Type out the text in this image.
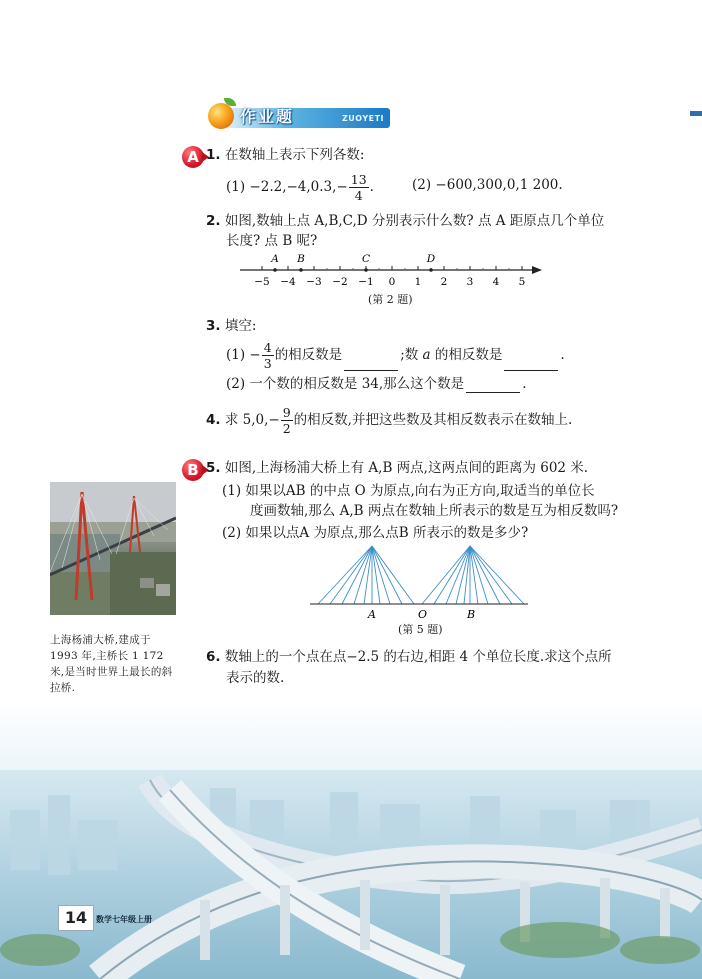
作业题	ZUOYETI
A 1. 在数轴上表示下列各数:
$(1) -2.2,-4,0.3,- \frac{13}{4}$ .	(2) −600,300,0,1 200.
2. 如图,数轴上点 A,B,C,D 分别表示什么数? 点 A 距原点几个单位
长度? 点 B 呢?
−5 −4 −3 −2 −1 0 1 2 3 4 5
A B	C	D
(第 2 题)
3. 填空:
$(1) - \frac{4}{3}$ 的相反数是	;数 a 的相反数是	.
(2) 一个数的相反数是 34,那么这个数是	.
4. 求 $5,0,- \frac{9}{2}$ 的相反数,并把这些数及其相反数表示在数轴上.
B 5. 如图,上海杨浦大桥上有 A,B 两点,这两点间的距离为 602 米.
(1) 如果以AB 的中点 O 为原点,向右为正方向,取适当的单位长
度画数轴,那么 A,B 两点在数轴上所表示的数是互为相反数吗?
(2) 如果以点A 为原点,那么点B 所表示的数是多少?
A	O	B
(第 5 题)
6. 数轴上的一个点在点−2.5 的右边,相距 4 个单位长度.求这个点所
表示的数.
上海杨浦大桥,建成于 1993 年,主桥长 1 172 米,是当时世界上最长的斜拉桥.
14	数学七年级上册
